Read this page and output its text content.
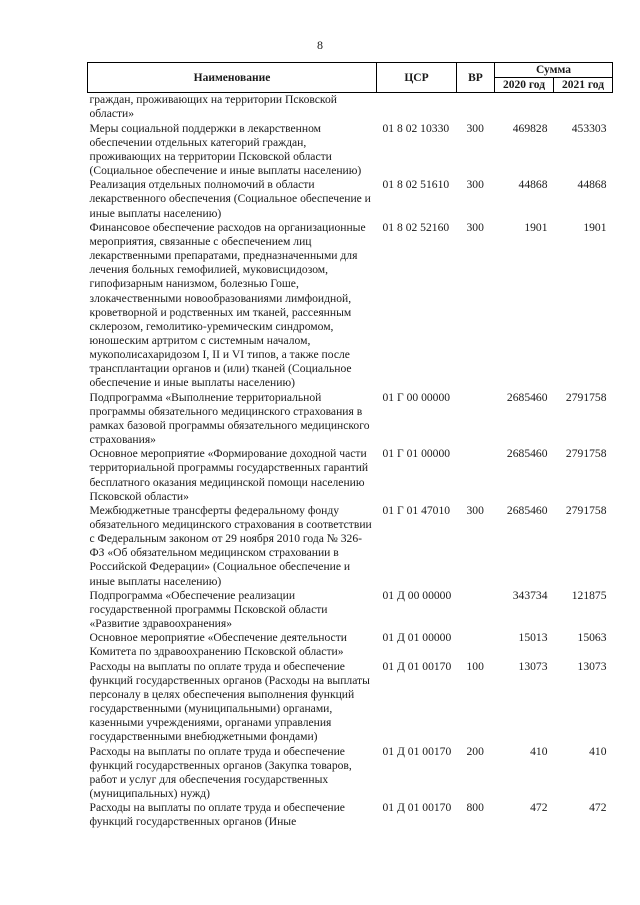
8
Наименование	ЦСР	ВР	Сумма	
			2020 год	2021 год
граждан, проживающих на территории Псковской области»				
Меры социальной поддержки в лекарственном обеспечении отдельных категорий граждан, проживающих на территории Псковской области (Социальное обеспечение и иные выплаты населению)	01 8 02 10330	300	469828	453303
Реализация отдельных полномочий в области лекарственного обеспечения (Социальное обеспечение и иные выплаты населению)	01 8 02 51610	300	44868	44868
Финансовое обеспечение расходов на организационные мероприятия, связанные с обеспечением лиц лекарственными препаратами, предназначенными для лечения больных гемофилией, муковисцидозом, гипофизарным нанизмом, болезнью Гоше, злокачественными новообразованиями лимфоидной, кроветворной и родственных им тканей, рассеянным склерозом, гемолитико-уремическим синдромом, юношеским артритом с системным началом, мукополисахаридозом I, II и VI типов, а также после трансплантации органов и (или) тканей (Социальное обеспечение и иные выплаты населению)	01 8 02 52160	300	1901	1901
Подпрограмма «Выполнение территориальной программы обязательного медицинского страхования в рамках базовой программы обязательного медицинского страхования»	01 Г 00 00000		2685460	2791758
Основное мероприятие «Формирование доходной части территориальной программы государственных гарантий бесплатного оказания медицинской помощи населению Псковской области»	01 Г 01 00000		2685460	2791758
Межбюджетные трансферты федеральному фонду обязательного медицинского страхования в соответствии с Федеральным законом от 29 ноября 2010 года № 326-ФЗ «Об обязательном медицинском страховании в Российской Федерации» (Социальное обеспечение и иные выплаты населению)	01 Г 01 47010	300	2685460	2791758
Подпрограмма «Обеспечение реализации государственной программы Псковской области «Развитие здравоохранения»	01 Д 00 00000		343734	121875
Основное мероприятие «Обеспечение деятельности Комитета по здравоохранению Псковской области»	01 Д 01 00000		15013	15063
Расходы на выплаты по оплате труда и обеспечение функций государственных органов (Расходы на выплаты персоналу в целях обеспечения выполнения функций государственными (муниципальными) органами, казенными учреждениями, органами управления государственными внебюджетными фондами)	01 Д 01 00170	100	13073	13073
Расходы на выплаты по оплате труда и обеспечение функций государственных органов (Закупка товаров, работ и услуг для обеспечения государственных (муниципальных) нужд)	01 Д 01 00170	200	410	410
Расходы на выплаты по оплате труда и обеспечение функций государственных органов (Иные	01 Д 01 00170	800	472	472
